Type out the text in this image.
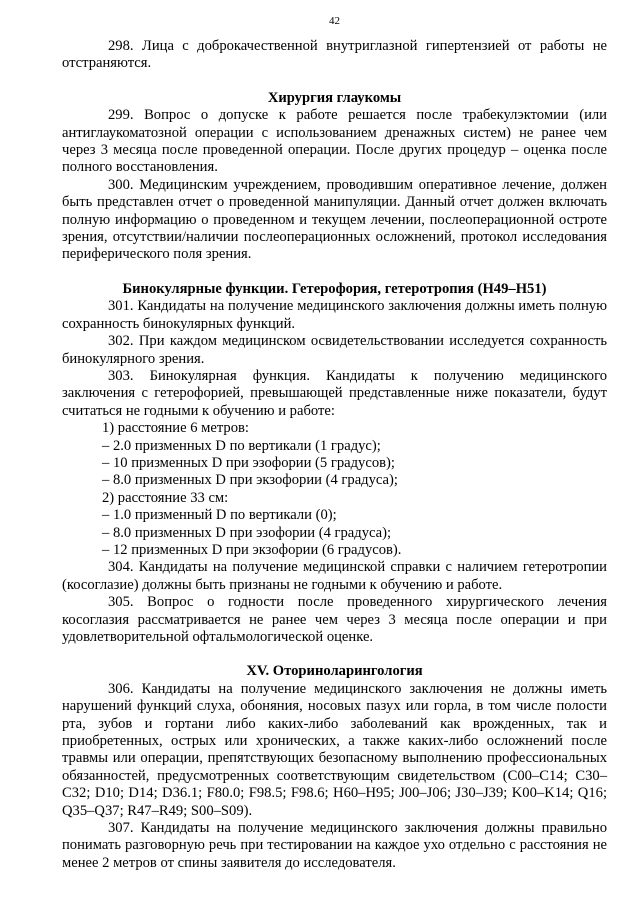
42

298. Лица с доброкачественной внутриглазной гипертензией от работы не отстраняются.

Хирургия глаукомы

299. Вопрос о допуске к работе решается после трабекулэктомии (или антиглаукоматозной операции с использованием дренажных систем) не ранее чем через 3 месяца после проведенной операции. После других процедур – оценка после полного восстановления.

300. Медицинским учреждением, проводившим оперативное лечение, должен быть представлен отчет о проведенной манипуляции. Данный отчет должен включать полную информацию о проведенном и текущем лечении, послеоперационной остроте зрения, отсутствии/наличии послеоперационных осложнений, протокол исследования периферического поля зрения.

Бинокулярные функции. Гетерофория, гетеротропия (H49–H51)

301. Кандидаты на получение медицинского заключения должны иметь полную сохранность бинокулярных функций.

302. При каждом медицинском освидетельствовании исследуется сохранность бинокулярного зрения.

303. Бинокулярная функция. Кандидаты к получению медицинского заключения с гетерофорией, превышающей представленные ниже показатели, будут считаться не годными к обучению и работе:

1) расстояние 6 метров:

– 2.0 призменных D по вертикали (1 градус);

– 10 призменных D при эзофории (5 градусов);

– 8.0 призменных D при экзофории (4 градуса);

2) расстояние 33 см:

– 1.0 призменный D по вертикали (0);

– 8.0 призменных D при эзофории (4 градуса);

– 12 призменных D при экзофории (6 градусов).

304. Кандидаты на получение медицинской справки с наличием гетеротропии (косоглазие) должны быть признаны не годными к обучению и работе.

305. Вопрос о годности после проведенного хирургического лечения косоглазия рассматривается не ранее чем через 3 месяца после операции и при удовлетворительной офтальмологической оценке.

XV. Оториноларингология

306. Кандидаты на получение медицинского заключения не должны иметь нарушений функций слуха, обоняния, носовых пазух или горла, в том числе полости рта, зубов и гортани либо каких-либо заболеваний как врожденных, так и приобретенных, острых или хронических, а также каких-либо осложнений после травмы или операции, препятствующих безопасному выполнению профессиональных обязанностей, предусмотренных соответствующим свидетельством (C00–C14; C30–C32; D10; D14; D36.1; F80.0; F98.5; F98.6; H60–H95; J00–J06; J30–J39; K00–K14; Q16; Q35–Q37; R47–R49; S00–S09).

307. Кандидаты на получение медицинского заключения должны правильно понимать разговорную речь при тестировании на каждое ухо отдельно с расстояния не менее 2 метров от спины заявителя до исследователя.
